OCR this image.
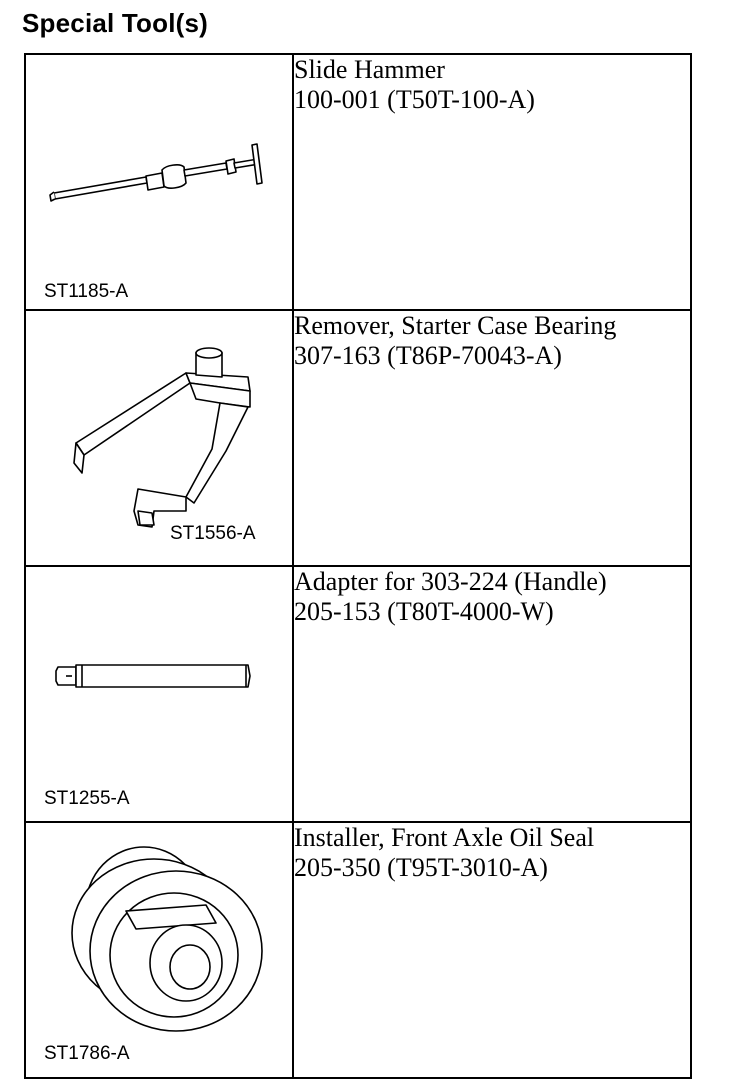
Special Tool(s)
ST1185-A	Slide Hammer
100-001 (T50T-100-A)

ST1556-A	Remover, Starter Case Bearing
307-163 (T86P-70043-A)

ST1255-A	Adapter for 303-224 (Handle)
205-153 (T80T-4000-W)

ST1786-A	Installer, Front Axle Oil Seal
205-350 (T95T-3010-A)
